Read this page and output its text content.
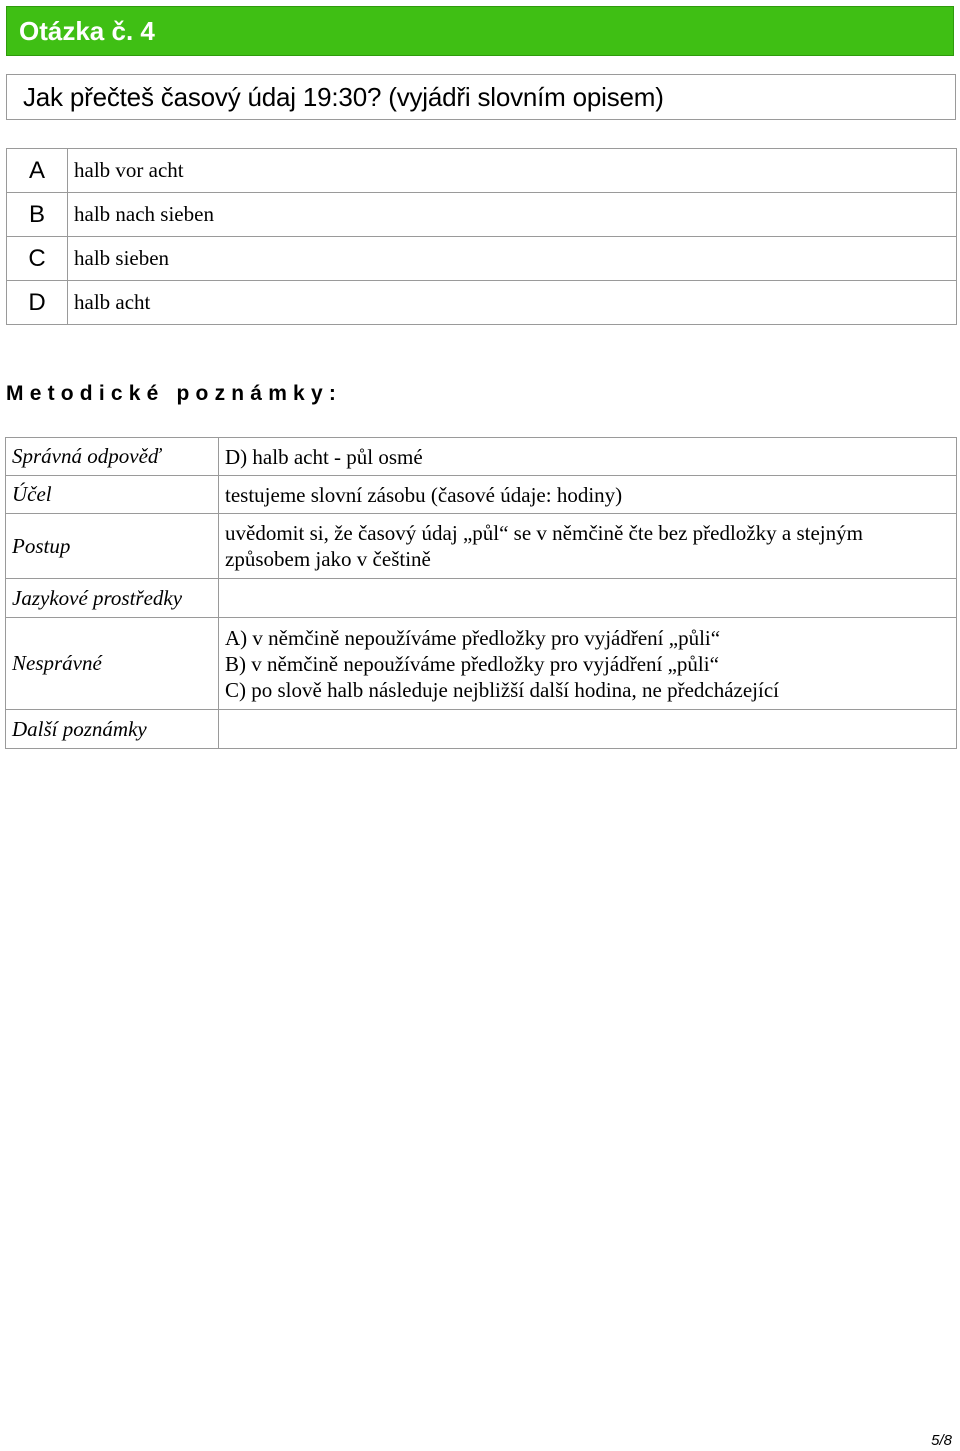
Otázka č. 4
Jak přečteš časový údaj 19:30? (vyjádři slovním opisem)
A	halb vor acht
B	halb nach sieben
C	halb sieben
D	halb acht
Metodické poznámky:
Správná odpověď	D) halb acht - půl osmé
Účel	testujeme slovní zásobu (časové údaje: hodiny)
Postup	uvědomit si, že časový údaj „půl“ se v němčině čte bez předložky a stejným způsobem jako v češtině
Jazykové prostředky	
Nesprávné	A) v němčině nepoužíváme předložky pro vyjádření „půli“
B) v němčině nepoužíváme předložky pro vyjádření „půli“
C) po slově halb následuje nejbližší další hodina, ne předcházející

Další poznámky	
5/8
